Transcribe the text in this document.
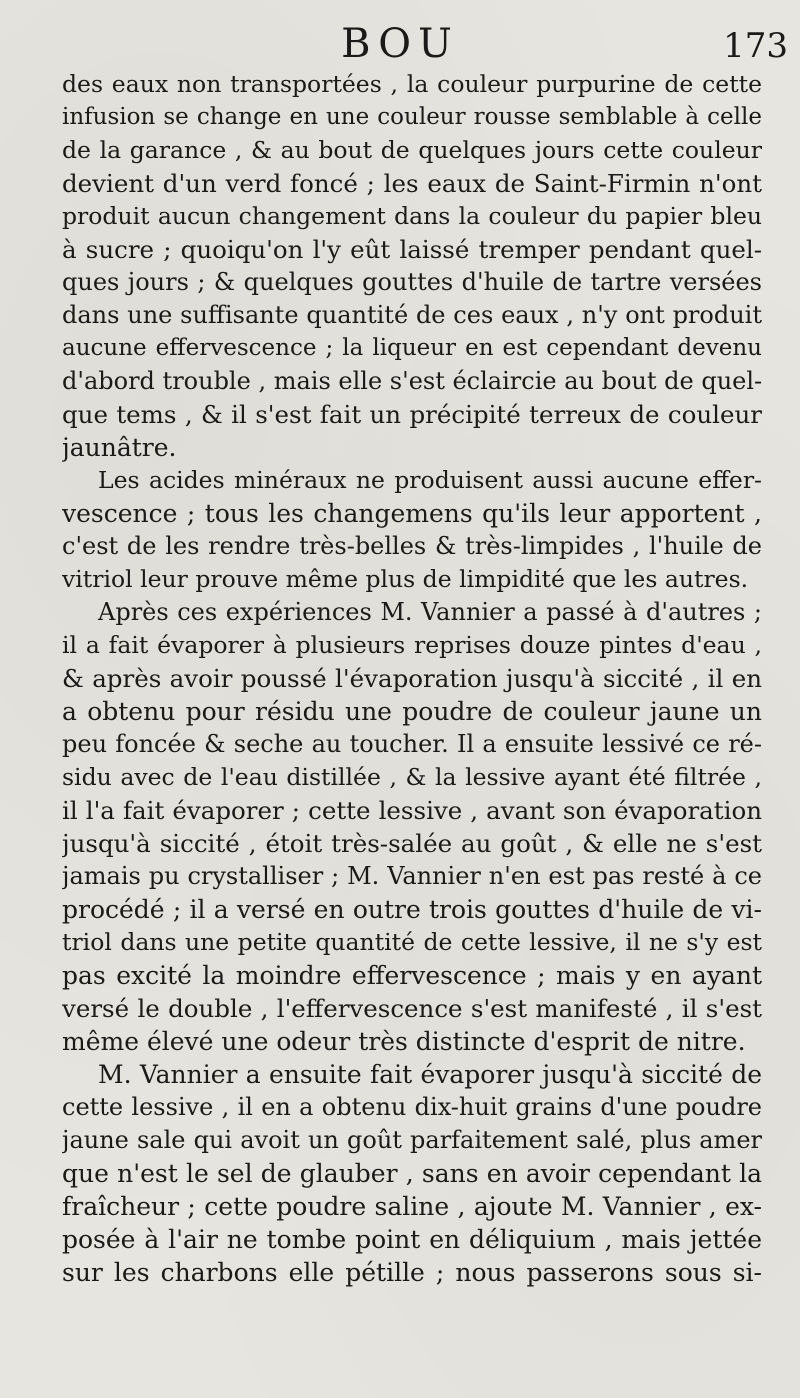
BOU	173

des eaux non transportées , la couleur purpurine de cette
infusion se change en une couleur rousse semblable à celle
de la garance , & au bout de quelques jours cette couleur
devient d'un verd foncé ; les eaux de Saint-Firmin n'ont
produit aucun changement dans la couleur du papier bleu
à sucre ; quoiqu'on l'y eût laissé tremper pendant quel-
ques jours ; & quelques gouttes d'huile de tartre versées
dans une suffisante quantité de ces eaux , n'y ont produit
aucune effervescence ; la liqueur en est cependant devenu
d'abord trouble , mais elle s'est éclaircie au bout de quel-
que tems , & il s'est fait un précipité terreux de couleur
jaunâtre.

Les acides minéraux ne produisent aussi aucune effer-
vescence ; tous les changemens qu'ils leur apportent ,
c'est de les rendre très-belles & très-limpides , l'huile de
vitriol leur prouve même plus de limpidité que les autres.

Après ces expériences M. Vannier a passé à d'autres ;
il a fait évaporer à plusieurs reprises douze pintes d'eau ,
& après avoir poussé l'évaporation jusqu'à siccité , il en
a obtenu pour résidu une poudre de couleur jaune un
peu foncée & seche au toucher. Il a ensuite lessivé ce ré-
sidu avec de l'eau distillée , & la lessive ayant été filtrée ,
il l'a fait évaporer ; cette lessive , avant son évaporation
jusqu'à siccité , étoit très-salée au goût , & elle ne s'est
jamais pu crystalliser ; M. Vannier n'en est pas resté à ce
procédé ; il a versé en outre trois gouttes d'huile de vi-
triol dans une petite quantité de cette lessive, il ne s'y est
pas excité la moindre effervescence ; mais y en ayant
versé le double , l'effervescence s'est manifesté , il s'est
même élevé une odeur très distincte d'esprit de nitre.

M. Vannier a ensuite fait évaporer jusqu'à siccité de
cette lessive , il en a obtenu dix-huit grains d'une poudre
jaune sale qui avoit un goût parfaitement salé, plus amer
que n'est le sel de glauber , sans en avoir cependant la
fraîcheur ; cette poudre saline , ajoute M. Vannier , ex-
posée à l'air ne tombe point en déliquium , mais jettée
sur les charbons elle pétille ; nous passerons sous si-
